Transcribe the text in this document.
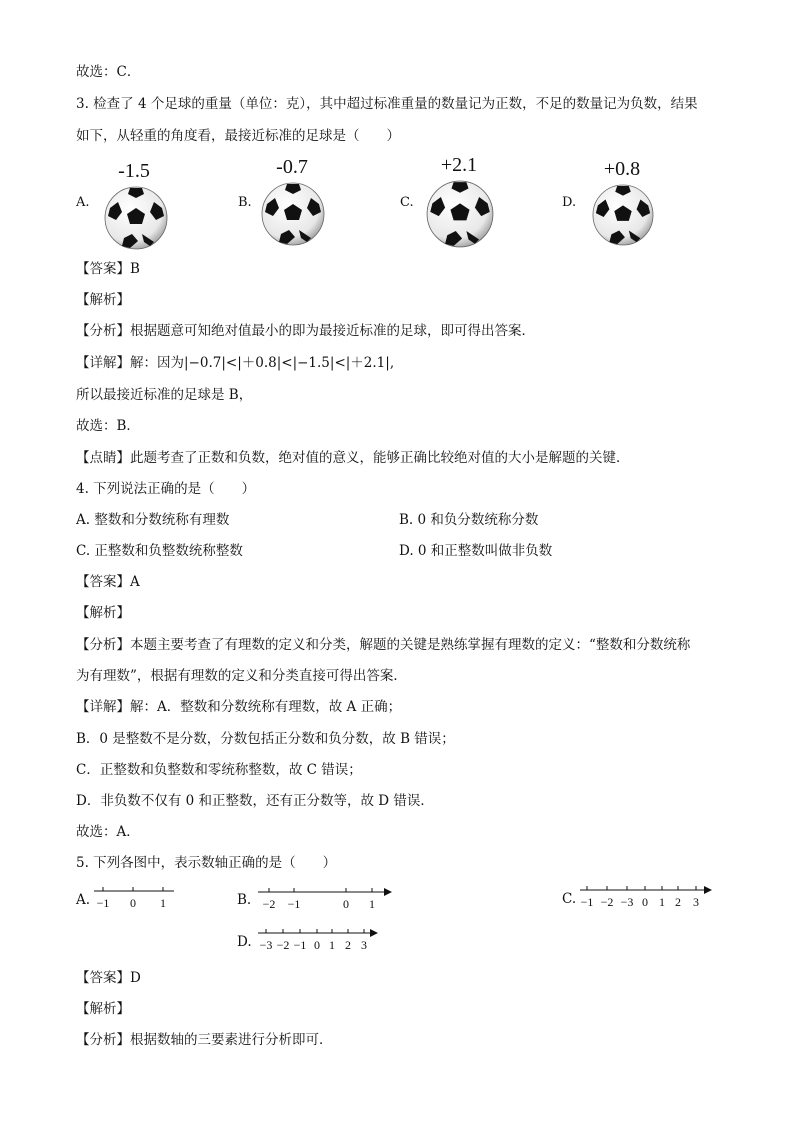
故选：C．
3. 检查了 4 个足球的重量（单位：克），其中超过标准重量的数量记为正数，不足的数量记为负数，结果
如下，从轻重的角度看，最接近标准的足球是（　　）
A.
-1.5
B.
-0.7
C.
+2.1
D.
+0.8
【答案】B
【解析】
【分析】根据题意可知绝对值最小的即为最接近标准的足球，即可得出答案．
【详解】解：因为|−0.7|<|＋0.8|<|−1.5|<|＋2.1|,
所以最接近标准的足球是 B，
故选：B．
【点睛】此题考查了正数和负数，绝对值的意义，能够正确比较绝对值的大小是解题的关键．
4. 下列说法正确的是（　　）
A. 整数和分数统称有理数	B. 0 和负分数统称分数
C. 正整数和负整数统称整数	D. 0 和正整数叫做非负数
【答案】A
【解析】
【分析】本题主要考查了有理数的定义和分类，解题的关键是熟练掌握有理数的定义：“整数和分数统称
为有理数”，根据有理数的定义和分类直接可得出答案．
【详解】解：A．整数和分数统称有理数，故 A 正确；
B．0 是整数不是分数，分数包括正分数和负分数，故 B 错误；
C．正整数和负整数和零统称整数，故 C 错误；
D．非负数不仅有 0 和正整数，还有正分数等，故 D 错误．
故选：A．
5. 下列各图中，表示数轴正确的是（　　）
A. −1 0 1	B. −2 −1	0 1	C. −1 −2 −3 0 1 2 3
D. −3 −2 −1 0 1 2 3
【答案】D
【解析】
【分析】根据数轴的三要素进行分析即可．
